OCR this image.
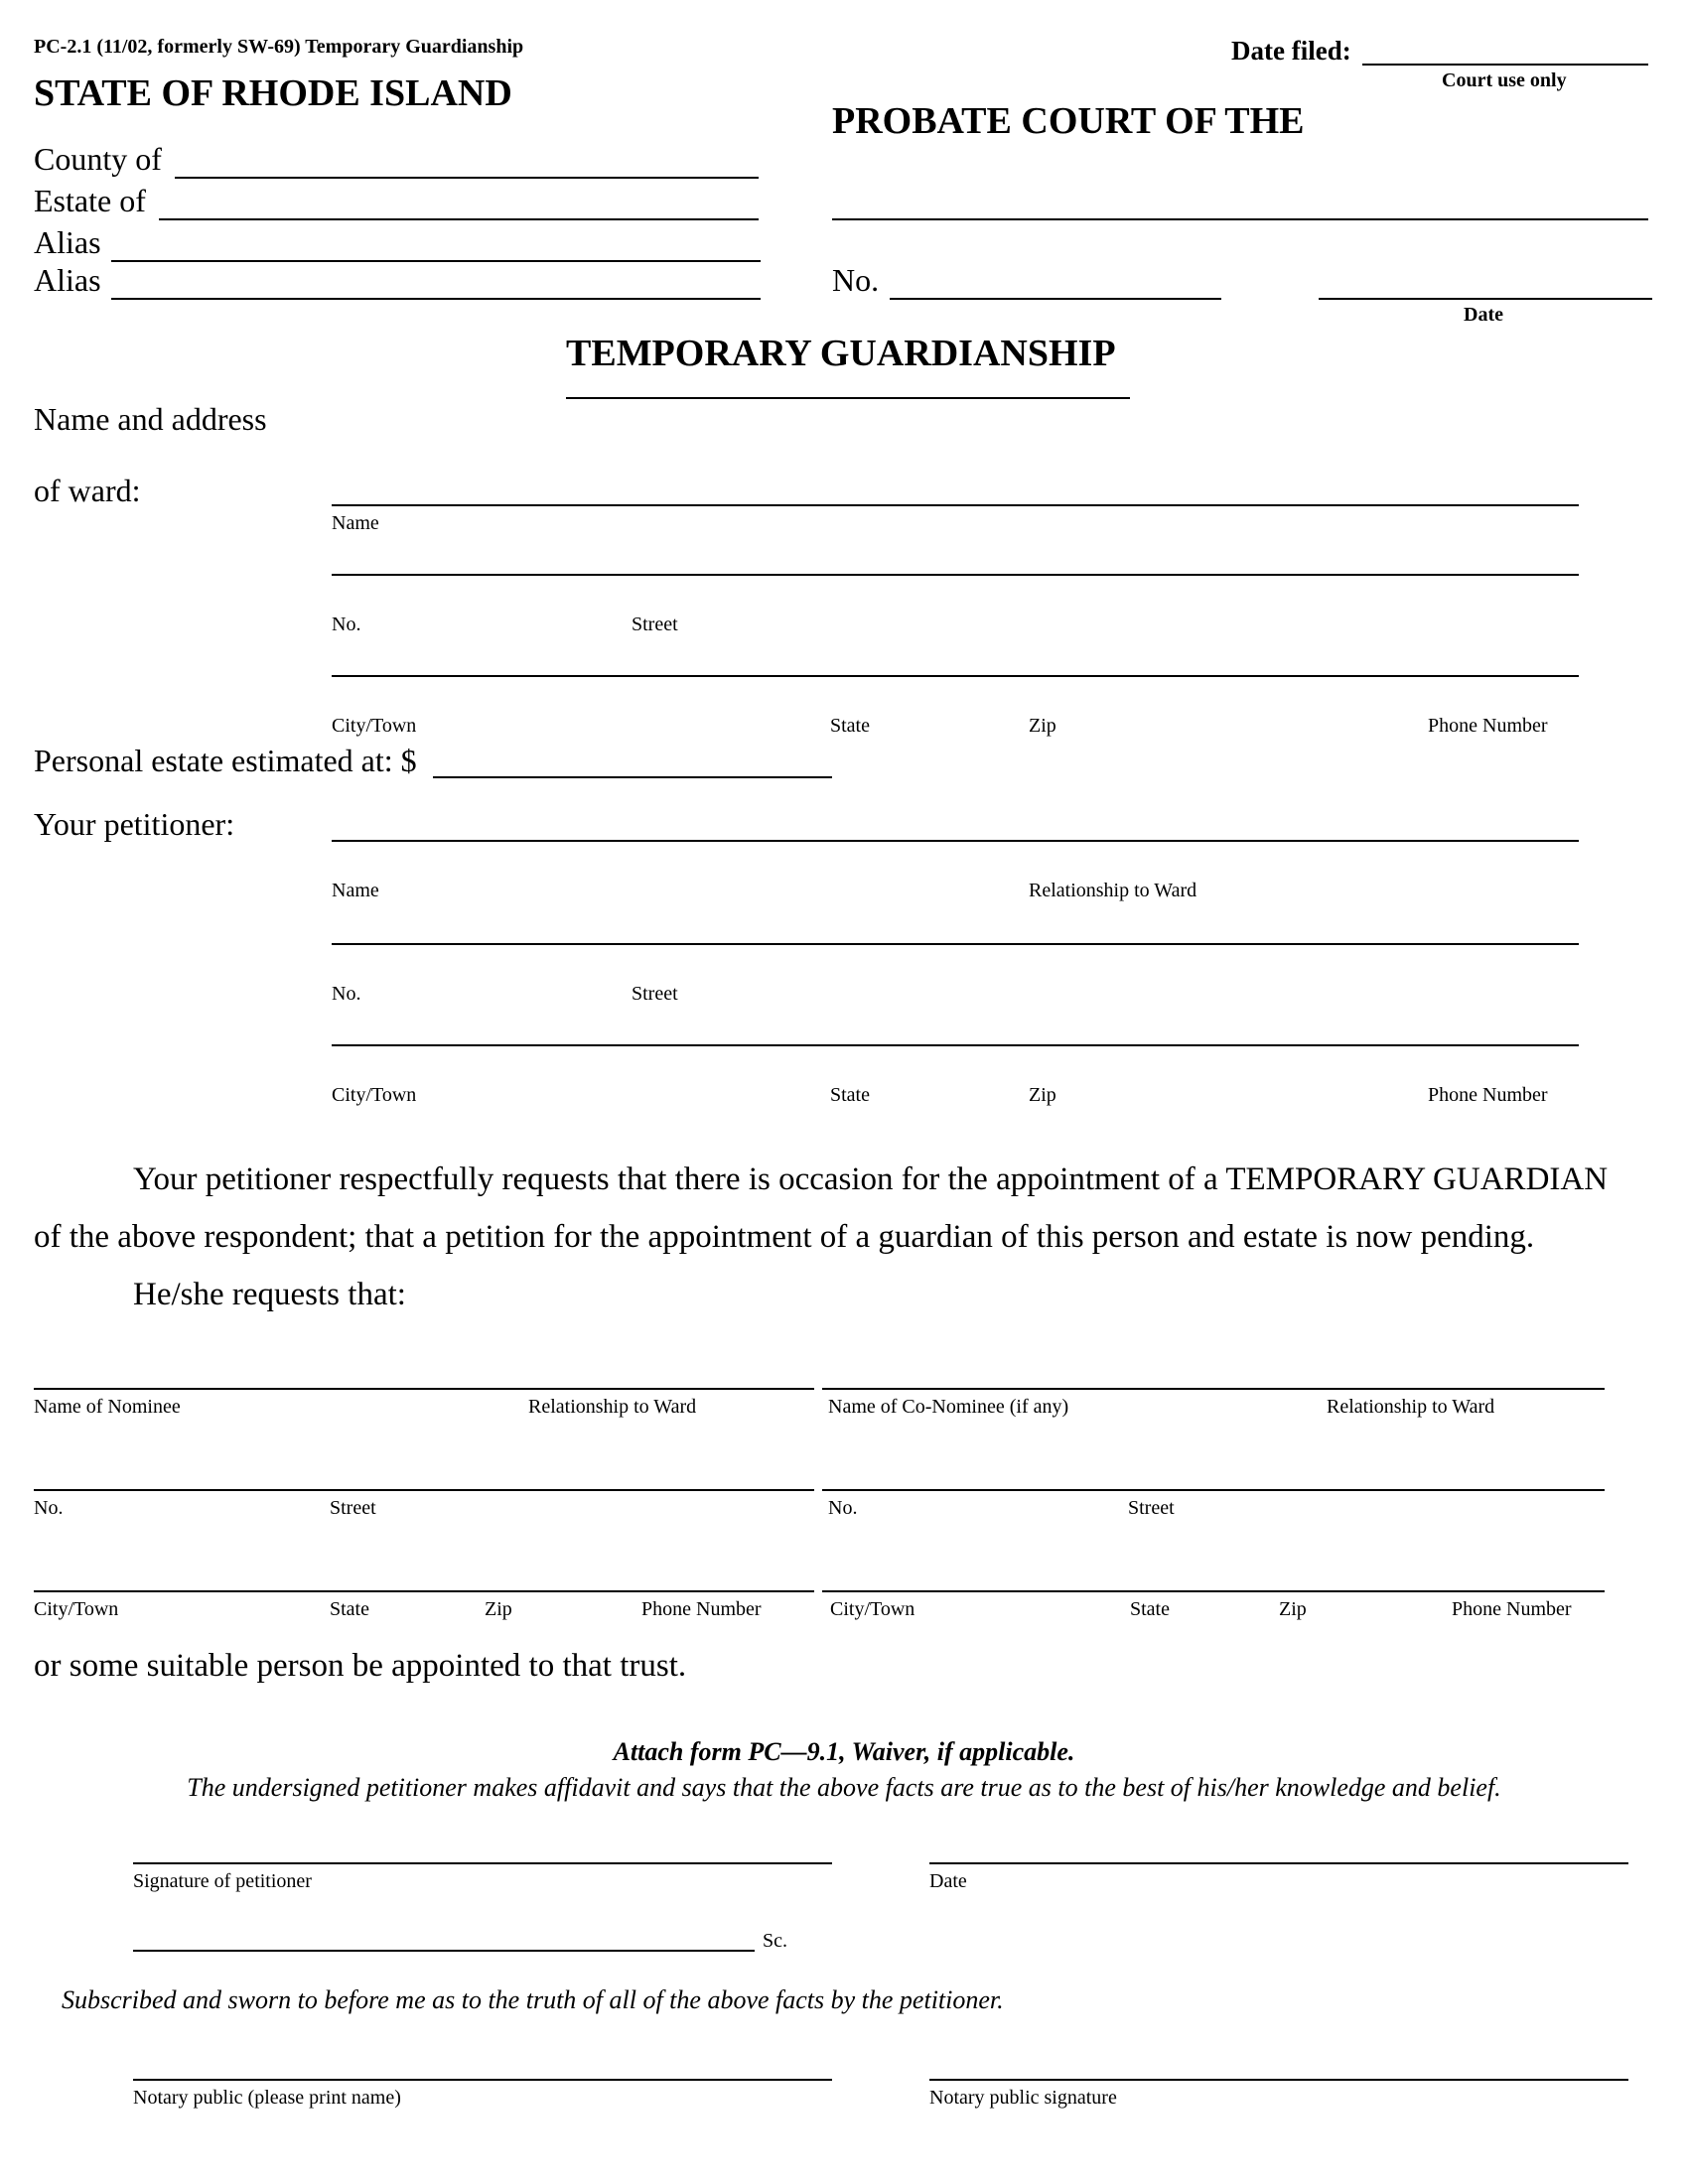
PC-2.1 (11/02, formerly SW-69) Temporary Guardianship
STATE OF RHODE ISLAND
Date filed:
Court use only
PROBATE COURT OF THE
County of
Estate of
Alias
Alias	No.
Date
TEMPORARY GUARDIANSHIP
Name and address
of ward:
Name
No.	Street
City/Town	State	Zip	Phone Number
Personal estate estimated at: $
Your petitioner:
Name	Relationship to Ward
No.	Street
City/Town	State	Zip	Phone Number
Your petitioner respectfully requests that there is occasion for the appointment of a TEMPORARY GUARDIAN
of the above respondent; that a petition for the appointment of a guardian of this person and estate is now pending.
He/she requests that:
Name of Nominee	Relationship to Ward
No.	Street
City/Town	State	Zip	Phone Number
Name of Co-Nominee (if any)	Relationship to Ward
No.	Street
City/Town	State	Zip	Phone Number
or some suitable person be appointed to that trust.
Attach form PC—9.1, Waiver, if applicable.
The undersigned petitioner makes affidavit and says that the above facts are true as to the best of his/her knowledge and belief.
Signature of petitioner	Date
Sc.
Subscribed and sworn to before me as to the truth of all of the above facts by the petitioner.
Notary public (please print name)	Notary public signature
